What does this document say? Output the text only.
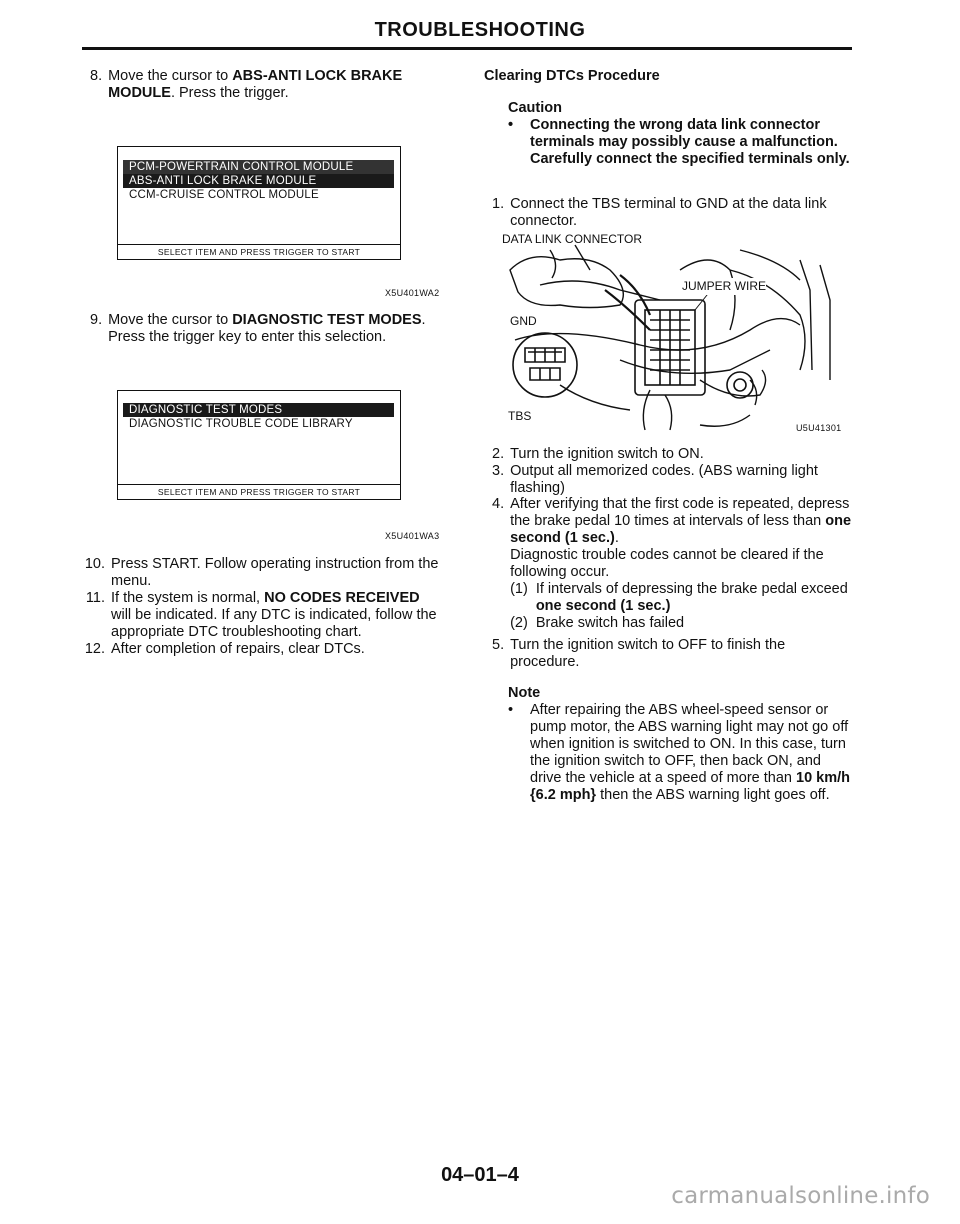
TROUBLESHOOTING
8. Move the cursor to ABS-ANTI LOCK BRAKE MODULE. Press the trigger.
PCM-POWERTRAIN CONTROL MODULE
ABS-ANTI LOCK BRAKE MODULE
CCM-CRUISE CONTROL MODULE
SELECT ITEM AND PRESS TRIGGER TO START
X5U401WA2
9. Move the cursor to DIAGNOSTIC TEST MODES. Press the trigger key to enter this selection.
DIAGNOSTIC TEST MODES
DIAGNOSTIC TROUBLE CODE LIBRARY
SELECT ITEM AND PRESS TRIGGER TO START
X5U401WA3
10. Press START. Follow operating instruction from the menu.
11. If the system is normal, NO CODES RECEIVED will be indicated. If any DTC is indicated, follow the appropriate DTC troubleshooting chart.
12. After completion of repairs, clear DTCs.
Clearing DTCs Procedure
Caution
•	Connecting the wrong data link connector terminals may possibly cause a malfunction. Carefully connect the specified terminals only.
1. Connect the TBS terminal to GND at the data link connector.
DATA LINK CONNECTOR
JUMPER WIRE
GND
TBS
U5U41301
2. Turn the ignition switch to ON.
3. Output all memorized codes. (ABS warning light flashing)
4. After verifying that the first code is repeated, depress the brake pedal 10 times at intervals of less than one second (1 sec.).
Diagnostic trouble codes cannot be cleared if the following occur.
(1) If intervals of depressing the brake pedal exceed one second (1 sec.)
(2) Brake switch has failed
5. Turn the ignition switch to OFF to finish the procedure.
Note
•	After repairing the ABS wheel-speed sensor or pump motor, the ABS warning light may not go off when ignition is switched to ON. In this case, turn the ignition switch to OFF, then back ON, and drive the vehicle at a speed of more than 10 km/h {6.2 mph} then the ABS warning light goes off.
04–01–4
carmanualsonline.info
